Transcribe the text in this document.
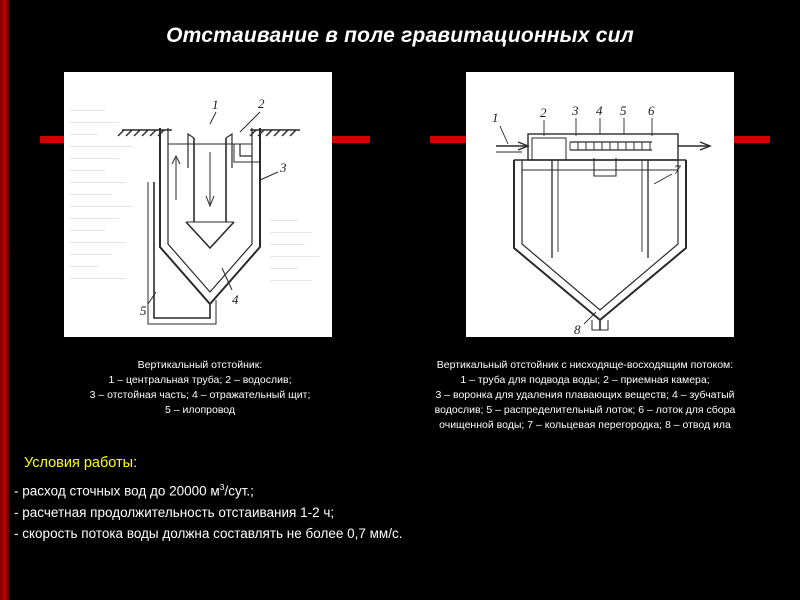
Отстаивание в поле гравитационных сил
1	2
3
4
5
—————
———————
————
—————————
———————
—————
————————
——————
—————————
———————
—————
————————
——————
————
————————
————
——————
—————
———————
————
——————
1	2 3 4 5 6
7
8
Вертикальный отстойник:
1 – центральная труба; 2 – водослив;
3 – отстойная часть; 4 – отражательный щит;
5 – илопровод
Вертикальный отстойник с нисходяще-восходящим потоком:
1 – труба для подвода воды; 2 – приемная камера;
3 – воронка для удаления плавающих веществ; 4 – зубчатый
водослив; 5 – распределительный лоток; 6 – лоток для сбора
очищенной воды; 7 – кольцевая перегородка; 8 – отвод ила
Условия работы:
- расход сточных вод до 20000 $м^3$/сут.;
- расчетная продолжительность отстаивания 1-2 ч;
- скорость потока воды должна составлять не более 0,7 мм/с.
